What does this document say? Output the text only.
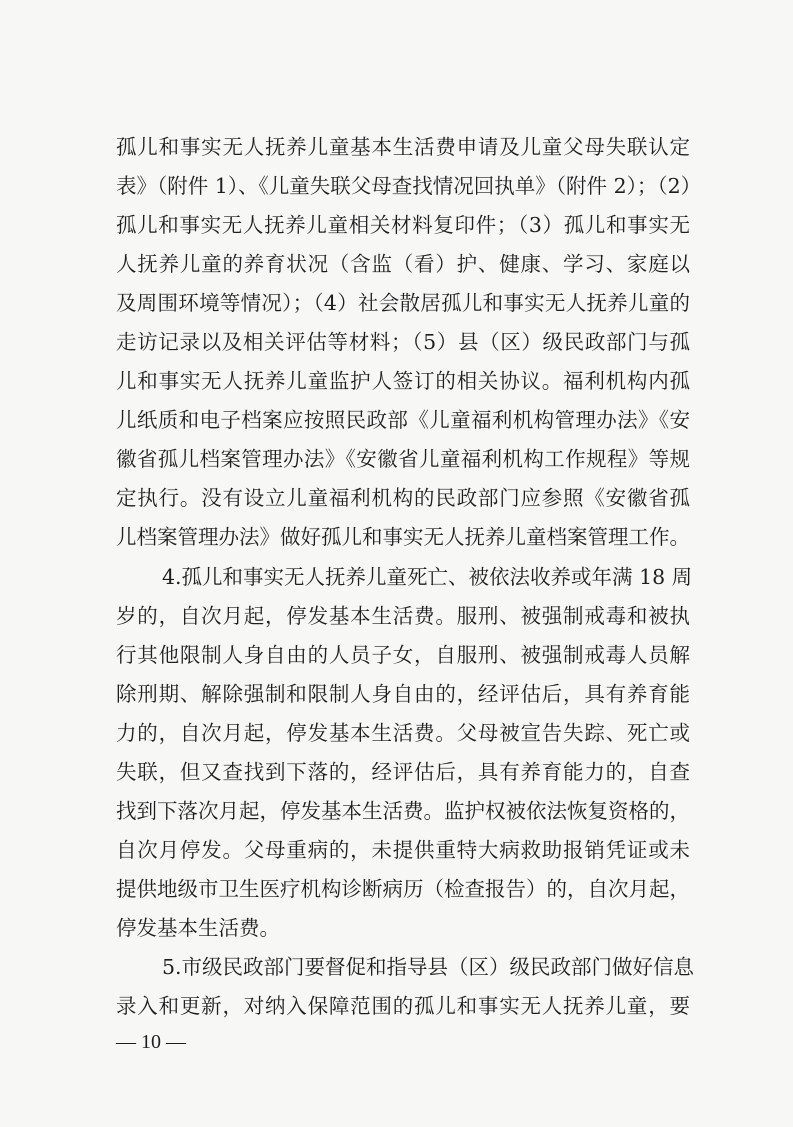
孤儿和事实无人抚养儿童基本生活费申请及儿童父母失联认定
表》（附件 1）、《儿童失联父母查找情况回执单》（附件 2）；（2）
孤儿和事实无人抚养儿童相关材料复印件；（3）孤儿和事实无
人抚养儿童的养育状况（含监（看）护、健康、学习、家庭以
及周围环境等情况）；（4）社会散居孤儿和事实无人抚养儿童的
走访记录以及相关评估等材料；（5）县（区）级民政部门与孤
儿和事实无人抚养儿童监护人签订的相关协议。福利机构内孤
儿纸质和电子档案应按照民政部《儿童福利机构管理办法》《安
徽省孤儿档案管理办法》《安徽省儿童福利机构工作规程》等规
定执行。没有设立儿童福利机构的民政部门应参照《安徽省孤
儿档案管理办法》做好孤儿和事实无人抚养儿童档案管理工作。
4.孤儿和事实无人抚养儿童死亡、被依法收养或年满 18 周
岁的，自次月起，停发基本生活费。服刑、被强制戒毒和被执
行其他限制人身自由的人员子女，自服刑、被强制戒毒人员解
除刑期、解除强制和限制人身自由的，经评估后，具有养育能
力的，自次月起，停发基本生活费。父母被宣告失踪、死亡或
失联，但又查找到下落的，经评估后，具有养育能力的，自查
找到下落次月起，停发基本生活费。监护权被依法恢复资格的，
自次月停发。父母重病的，未提供重特大病救助报销凭证或未
提供地级市卫生医疗机构诊断病历（检查报告）的，自次月起，
停发基本生活费。
5.市级民政部门要督促和指导县（区）级民政部门做好信息
录入和更新，对纳入保障范围的孤儿和事实无人抚养儿童，要
— 10 —
